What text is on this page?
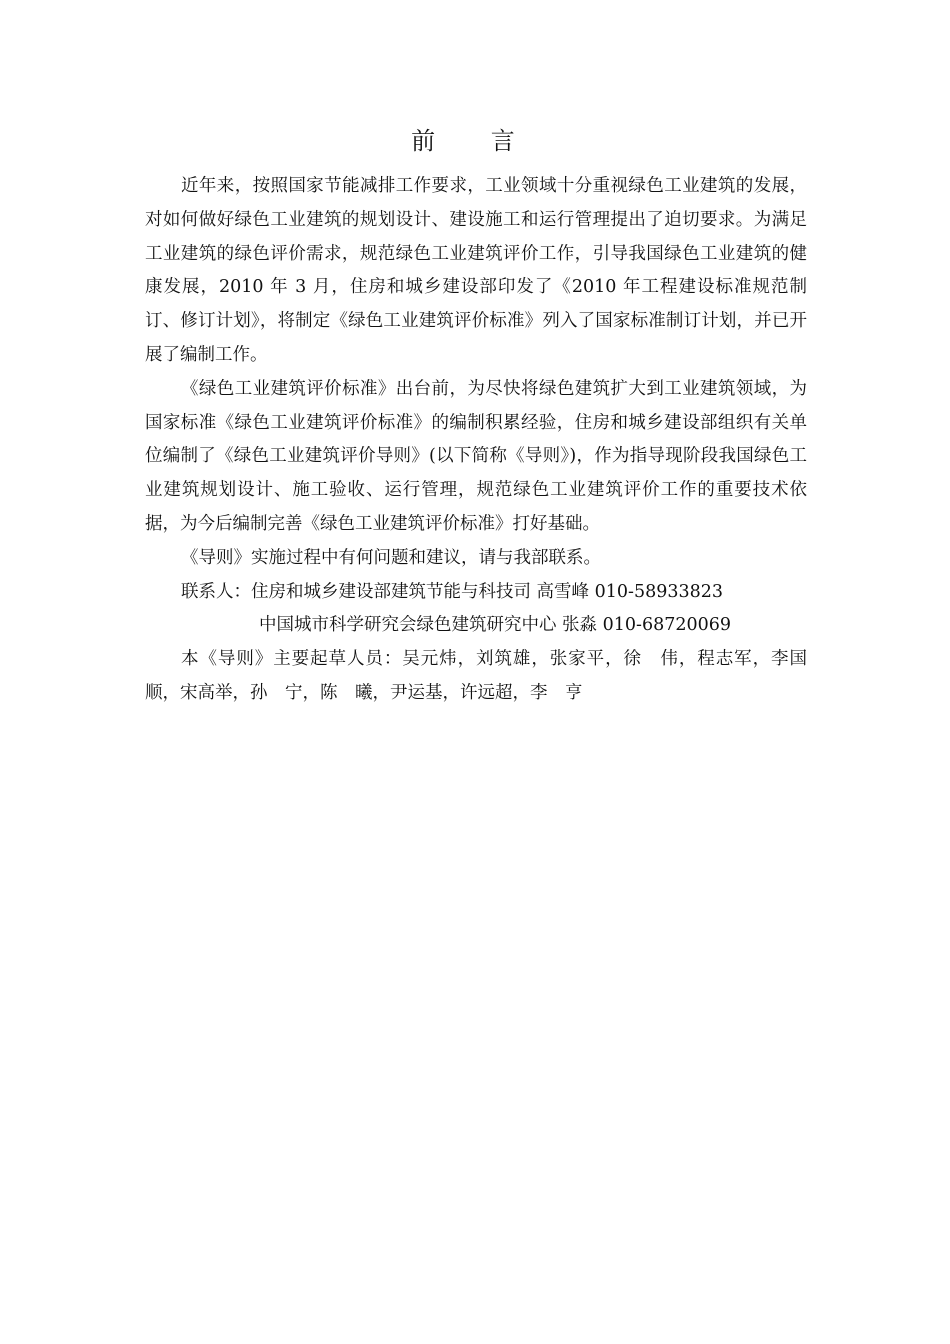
前 言

近年来，按照国家节能减排工作要求，工业领域十分重视绿色工业建筑的发展，对如何做好绿色工业建筑的规划设计、建设施工和运行管理提出了迫切要求。为满足工业建筑的绿色评价需求，规范绿色工业建筑评价工作，引导我国绿色工业建筑的健康发展，2010 年 3 月，住房和城乡建设部印发了《2010 年工程建设标准规范制订、修订计划》，将制定《绿色工业建筑评价标准》列入了国家标准制订计划，并已开展了编制工作。

《绿色工业建筑评价标准》出台前，为尽快将绿色建筑扩大到工业建筑领域，为国家标准《绿色工业建筑评价标准》的编制积累经验，住房和城乡建设部组织有关单位编制了《绿色工业建筑评价导则》(以下简称《导则》)，作为指导现阶段我国绿色工业建筑规划设计、施工验收、运行管理，规范绿色工业建筑评价工作的重要技术依据，为今后编制完善《绿色工业建筑评价标准》打好基础。

《导则》实施过程中有何问题和建议，请与我部联系。

联系人：住房和城乡建设部建筑节能与科技司 高雪峰 010-58933823

中国城市科学研究会绿色建筑研究中心 张淼 010-68720069

本《导则》主要起草人员：吴元炜，刘筑雄，张家平，徐　伟，程志军，李国顺，宋高举，孙　宁，陈　曦，尹运基，许远超，李　亨
